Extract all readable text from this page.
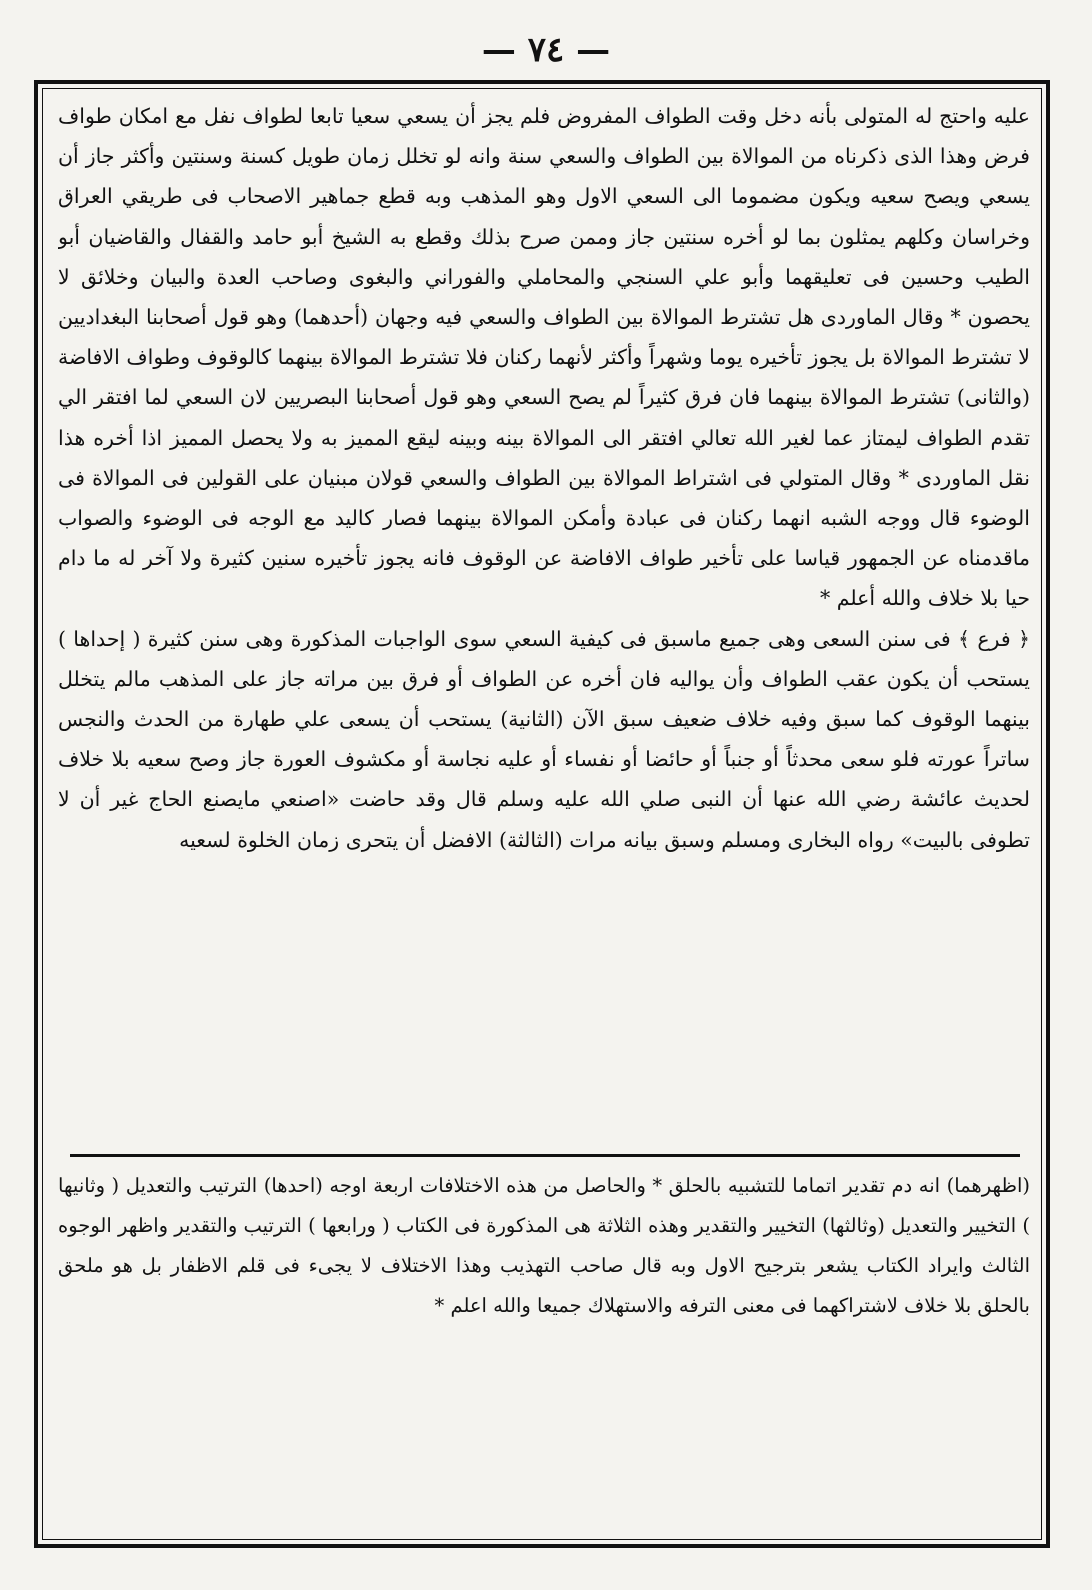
— ٧٤ —

عليه واحتج له المتولى بأنه دخل وقت الطواف المفروض فلم يجز أن يسعي سعيا تابعا لطواف نفل مع امكان طواف فرض وهذا الذى ذكرناه من الموالاة بين الطواف والسعي سنة وانه لو تخلل زمان طويل كسنة وسنتين وأكثر جاز أن يسعي ويصح سعيه ويكون مضموما الى السعي الاول وهو المذهب وبه قطع جماهير الاصحاب فى طريقي العراق وخراسان وكلهم يمثلون بما لو أخره سنتين جاز وممن صرح بذلك وقطع به الشيخ أبو حامد والقفال والقاضيان أبو الطيب وحسين فى تعليقهما وأبو علي السنجي والمحاملي والفوراني والبغوى وصاحب العدة والبيان وخلائق لا يحصون * وقال الماوردى هل تشترط الموالاة بين الطواف والسعي فيه وجهان (أحدهما) وهو قول أصحابنا البغداديين لا تشترط الموالاة بل يجوز تأخيره يوما وشهراً وأكثر لأنهما ركنان فلا تشترط الموالاة بينهما كالوقوف وطواف الافاضة (والثانى) تشترط الموالاة بينهما فان فرق كثيراً لم يصح السعي وهو قول أصحابنا البصريين لان السعي لما افتقر الي تقدم الطواف ليمتاز عما لغير الله تعالي افتقر الى الموالاة بينه وبينه ليقع المميز به ولا يحصل المميز اذا أخره هذا نقل الماوردى * وقال المتولي فى اشتراط الموالاة بين الطواف والسعي قولان مبنيان على القولين فى الموالاة فى الوضوء قال ووجه الشبه انهما ركنان فى عبادة وأمكن الموالاة بينهما فصار كاليد مع الوجه فى الوضوء والصواب ماقدمناه عن الجمهور قياسا على تأخير طواف الافاضة عن الوقوف فانه يجوز تأخيره سنين كثيرة ولا آخر له ما دام حيا بلا خلاف والله أعلم *

﴿ فرع ﴾ فى سنن السعى وهى جميع ماسبق فى كيفية السعي سوى الواجبات المذكورة وهى سنن كثيرة ( إحداها ) يستحب أن يكون عقب الطواف وأن يواليه فان أخره عن الطواف أو فرق بين مراته جاز على المذهب مالم يتخلل بينهما الوقوف كما سبق وفيه خلاف ضعيف سبق الآن (الثانية) يستحب أن يسعى علي طهارة من الحدث والنجس ساتراً عورته فلو سعى محدثاً أو جنباً أو حائضا أو نفساء أو عليه نجاسة أو مكشوف العورة جاز وصح سعيه بلا خلاف لحديث عائشة رضي الله عنها أن النبى صلي الله عليه وسلم قال وقد حاضت «اصنعي مايصنع الحاج غير أن لا تطوفى بالبيت» رواه البخارى ومسلم وسبق بيانه مرات (الثالثة) الافضل أن يتحرى زمان الخلوة لسعيه

(اظهرهما) انه دم تقدير اتماما للتشبيه بالحلق * والحاصل من هذه الاختلافات اربعة اوجه (احدها) الترتيب والتعديل ( وثانيها ) التخيير والتعديل (وثالثها) التخيير والتقدير وهذه الثلاثة هى المذكورة فى الكتاب ( ورابعها ) الترتيب والتقدير واظهر الوجوه الثالث وايراد الكتاب يشعر بترجيح الاول وبه قال صاحب التهذيب وهذا الاختلاف لا يجىء فى قلم الاظفار بل هو ملحق بالحلق بلا خلاف لاشتراكهما فى معنى الترفه والاستهلاك جميعا والله اعلم *
